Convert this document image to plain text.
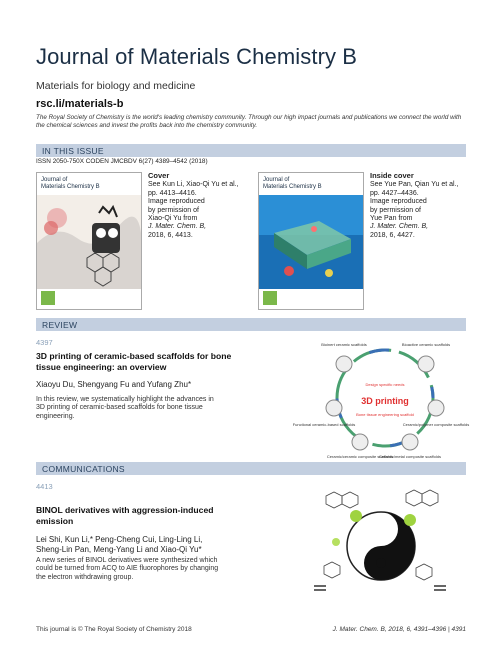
Journal of Materials Chemistry B
Materials for biology and medicine
rsc.li/materials-b
The Royal Society of Chemistry is the world's leading chemistry community. Through our high impact journals and publications we connect the world with the chemical sciences and invest the profits back into the chemistry community.
IN THIS ISSUE
ISSN 2050-750X CODEN JMCBDV 6(27) 4389–4542 (2018)
Journal of
Materials Chemistry B
Cover
See Kun Li, Xiao-Qi Yu et al.,
pp. 4413–4416.
Image reproduced
by permission of
Xiao-Qi Yu from
J. Mater. Chem. B,
2018, 6, 4413.
Journal of
Materials Chemistry B
Inside cover
See Yue Pan, Qian Yu et al.,
pp. 4427–4436.
Image reproduced
by permission of
Yue Pan from
J. Mater. Chem. B,
2018, 6, 4427.
REVIEW
4397
3D printing of ceramic-based scaffolds for bone
tissue engineering: an overview
Xiaoyu Du, Shengyang Fu and Yufang Zhu*
In this review, we systematically highlight the advances in
3D printing of ceramic-based scaffolds for bone tissue
engineering.
3D printing
Bioinert ceramic scaffolds	Bioactive ceramic scaffolds
Ceramic/polymer composite scaffolds
Ceramic/metal composite scaffolds
Ceramic/ceramic composite scaffolds
Functional ceramic-based scaffolds
Bone tissue engineering scaffold
Design specific needs
COMMUNICATIONS
4413
BINOL derivatives with aggression-induced
emission
Lei Shi, Kun Li,* Peng-Cheng Cui, Ling-Ling Li,
Sheng-Lin Pan, Meng-Yang Li and Xiao-Qi Yu*
A new series of BINOL derivatives were synthesized which
could be turned from ACQ to AIE fluorophores by changing
the electron withdrawing group.
This journal is © The Royal Society of Chemistry 2018	J. Mater. Chem. B, 2018, 6, 4391–4396 | 4391
